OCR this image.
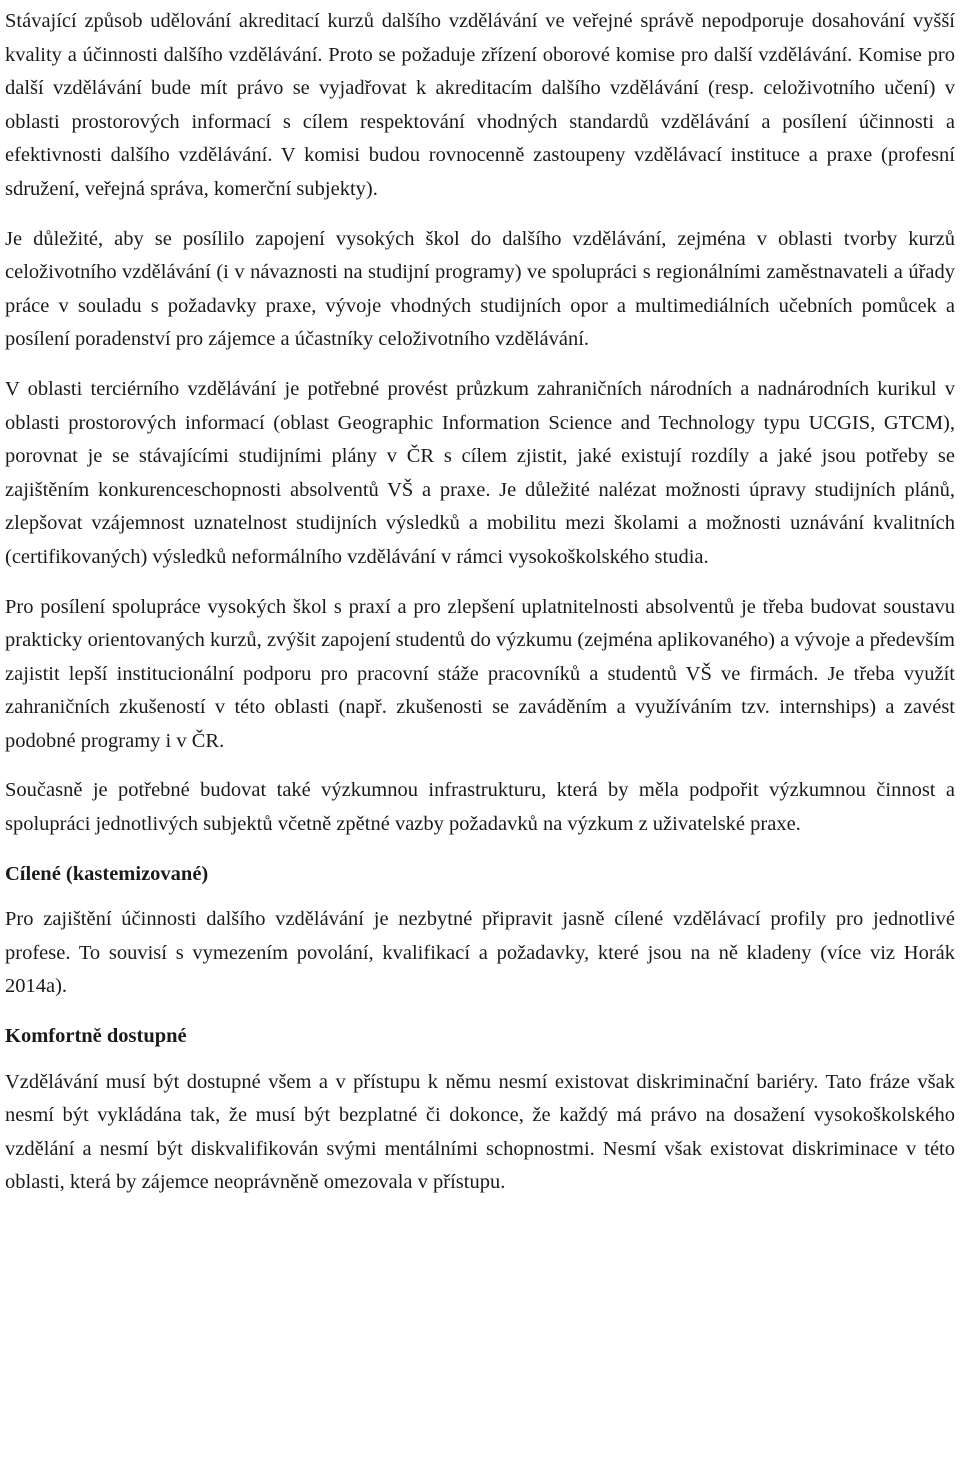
Stávající způsob udělování akreditací kurzů dalšího vzdělávání ve veřejné správě nepodporuje dosahování vyšší kvality a účinnosti dalšího vzdělávání. Proto se požaduje zřízení oborové komise pro další vzdělávání. Komise pro další vzdělávání bude mít právo se vyjadřovat k akreditacím dalšího vzdělávání (resp. celoživotního učení) v oblasti prostorových informací s cílem respektování vhodných standardů vzdělávání a posílení účinnosti a efektivnosti dalšího vzdělávání. V komisi budou rovnocenně zastoupeny vzdělávací instituce a praxe (profesní sdružení, veřejná správa, komerční subjekty).

Je důležité, aby se posílilo zapojení vysokých škol do dalšího vzdělávání, zejména v oblasti tvorby kurzů celoživotního vzdělávání (i v návaznosti na studijní programy) ve spolupráci s regionálními zaměstnavateli a úřady práce v souladu s požadavky praxe, vývoje vhodných studijních opor a multimediálních učebních pomůcek a posílení poradenství pro zájemce a účastníky celoživotního vzdělávání.

V oblasti terciérního vzdělávání je potřebné provést průzkum zahraničních národních a nadnárodních kurikul v oblasti prostorových informací (oblast Geographic Information Science and Technology typu UCGIS, GTCM), porovnat je se stávajícími studijními plány v ČR s cílem zjistit, jaké existují rozdíly a jaké jsou potřeby se zajištěním konkurenceschopnosti absolventů VŠ a praxe. Je důležité nalézat možnosti úpravy studijních plánů, zlepšovat vzájemnost uznatelnost studijních výsledků a mobilitu mezi školami a možnosti uznávání kvalitních (certifikovaných) výsledků neformálního vzdělávání v rámci vysokoškolského studia.

Pro posílení spolupráce vysokých škol s praxí a pro zlepšení uplatnitelnosti absolventů je třeba budovat soustavu prakticky orientovaných kurzů, zvýšit zapojení studentů do výzkumu (zejména aplikovaného) a vývoje a především zajistit lepší institucionální podporu pro pracovní stáže pracovníků a studentů VŠ ve firmách. Je třeba využít zahraničních zkušeností v této oblasti (např. zkušenosti se zaváděním a využíváním tzv. internships) a zavést podobné programy i v ČR.

Současně je potřebné budovat také výzkumnou infrastrukturu, která by měla podpořit výzkumnou činnost a spolupráci jednotlivých subjektů včetně zpětné vazby požadavků na výzkum z uživatelské praxe.

Cílené (kastemizované)

Pro zajištění účinnosti dalšího vzdělávání je nezbytné připravit jasně cílené vzdělávací profily pro jednotlivé profese. To souvisí s vymezením povolání, kvalifikací a požadavky, které jsou na ně kladeny (více viz Horák 2014a).

Komfortně dostupné

Vzdělávání musí být dostupné všem a v přístupu k němu nesmí existovat diskriminační bariéry. Tato fráze však nesmí být vykládána tak, že musí být bezplatné či dokonce, že každý má právo na dosažení vysokoškolského vzdělání a nesmí být diskvalifikován svými mentálními schopnostmi. Nesmí však existovat diskriminace v této oblasti, která by zájemce neoprávněně omezovala v přístupu.
